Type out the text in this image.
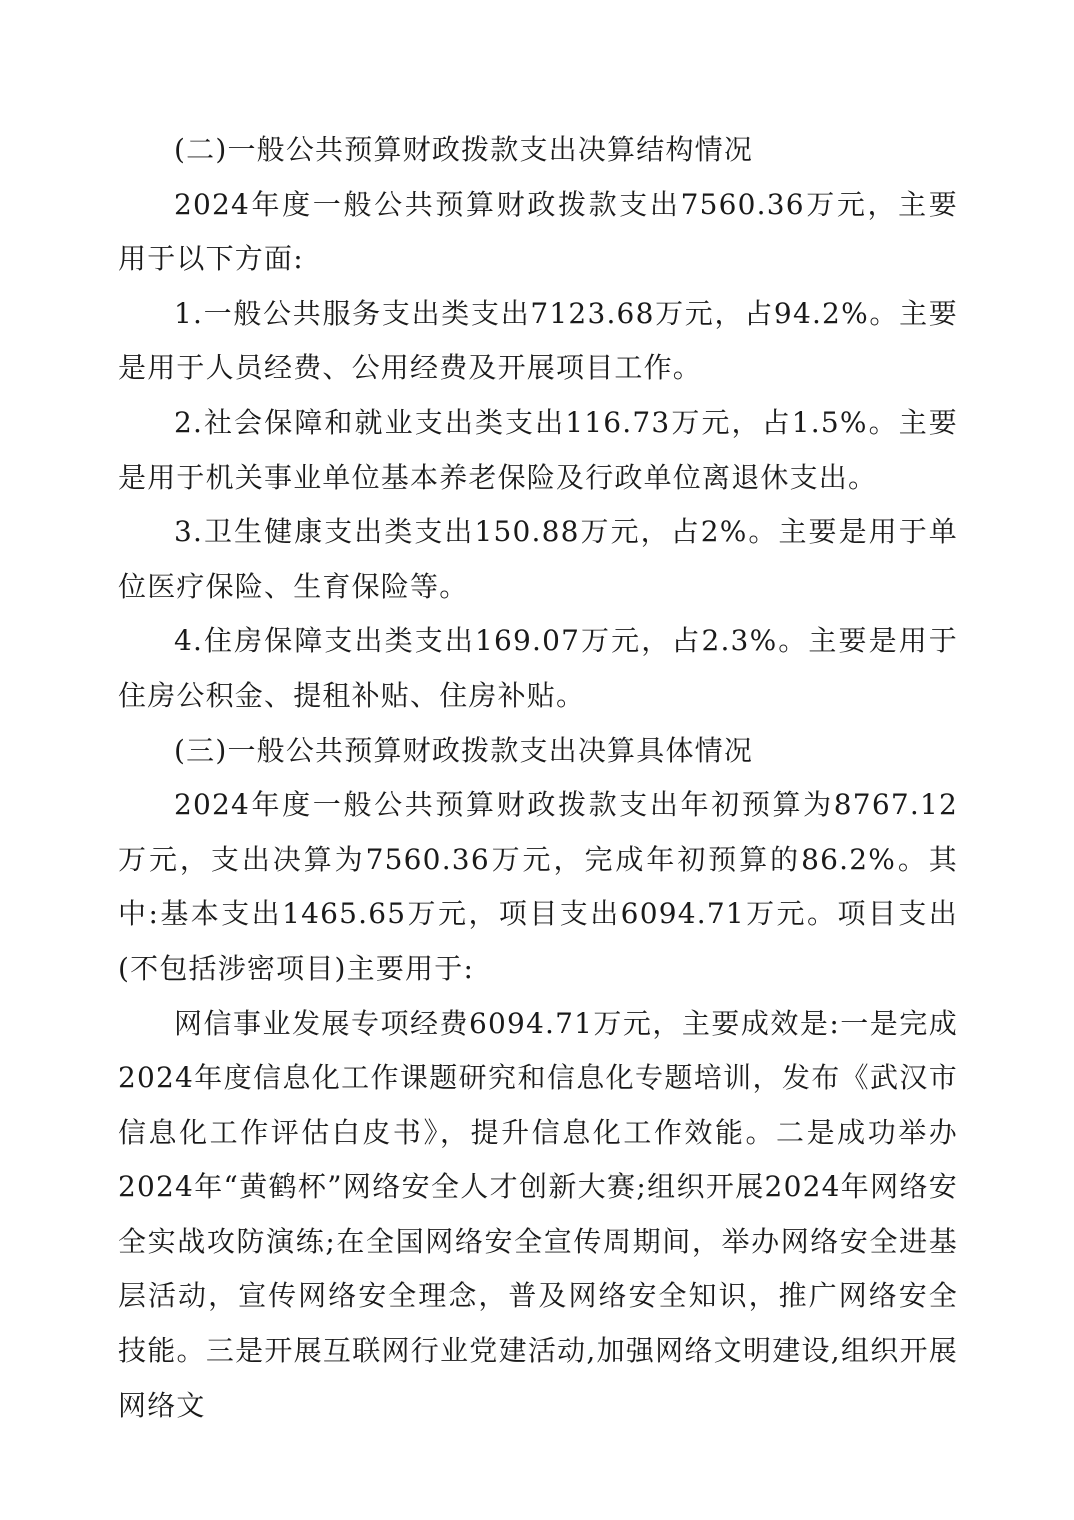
(二)一般公共预算财政拨款支出决算结构情况

2024年度一般公共预算财政拨款支出7560.36万元，主要用于以下方面:

1.一般公共服务支出类支出7123.68万元，占94.2%。主要是用于人员经费、公用经费及开展项目工作。

2.社会保障和就业支出类支出116.73万元，占1.5%。主要是用于机关事业单位基本养老保险及行政单位离退休支出。

3.卫生健康支出类支出150.88万元，占2%。主要是用于单位医疗保险、生育保险等。

4.住房保障支出类支出169.07万元，占2.3%。主要是用于住房公积金、提租补贴、住房补贴。

(三)一般公共预算财政拨款支出决算具体情况

2024年度一般公共预算财政拨款支出年初预算为8767.12万元，支出决算为7560.36万元，完成年初预算的86.2%。其中:基本支出1465.65万元，项目支出6094.71万元。项目支出(不包括涉密项目)主要用于:

网信事业发展专项经费6094.71万元，主要成效是:一是完成2024年度信息化工作课题研究和信息化专题培训，发布《武汉市信息化工作评估白皮书》，提升信息化工作效能。二是成功举办2024年“黄鹤杯”网络安全人才创新大赛;组织开展2024年网络安全实战攻防演练;在全国网络安全宣传周期间，举办网络安全进基层活动，宣传网络安全理念，普及网络安全知识，推广网络安全技能。三是开展互联网行业党建活动,加强网络文明建设,组织开展网络文
